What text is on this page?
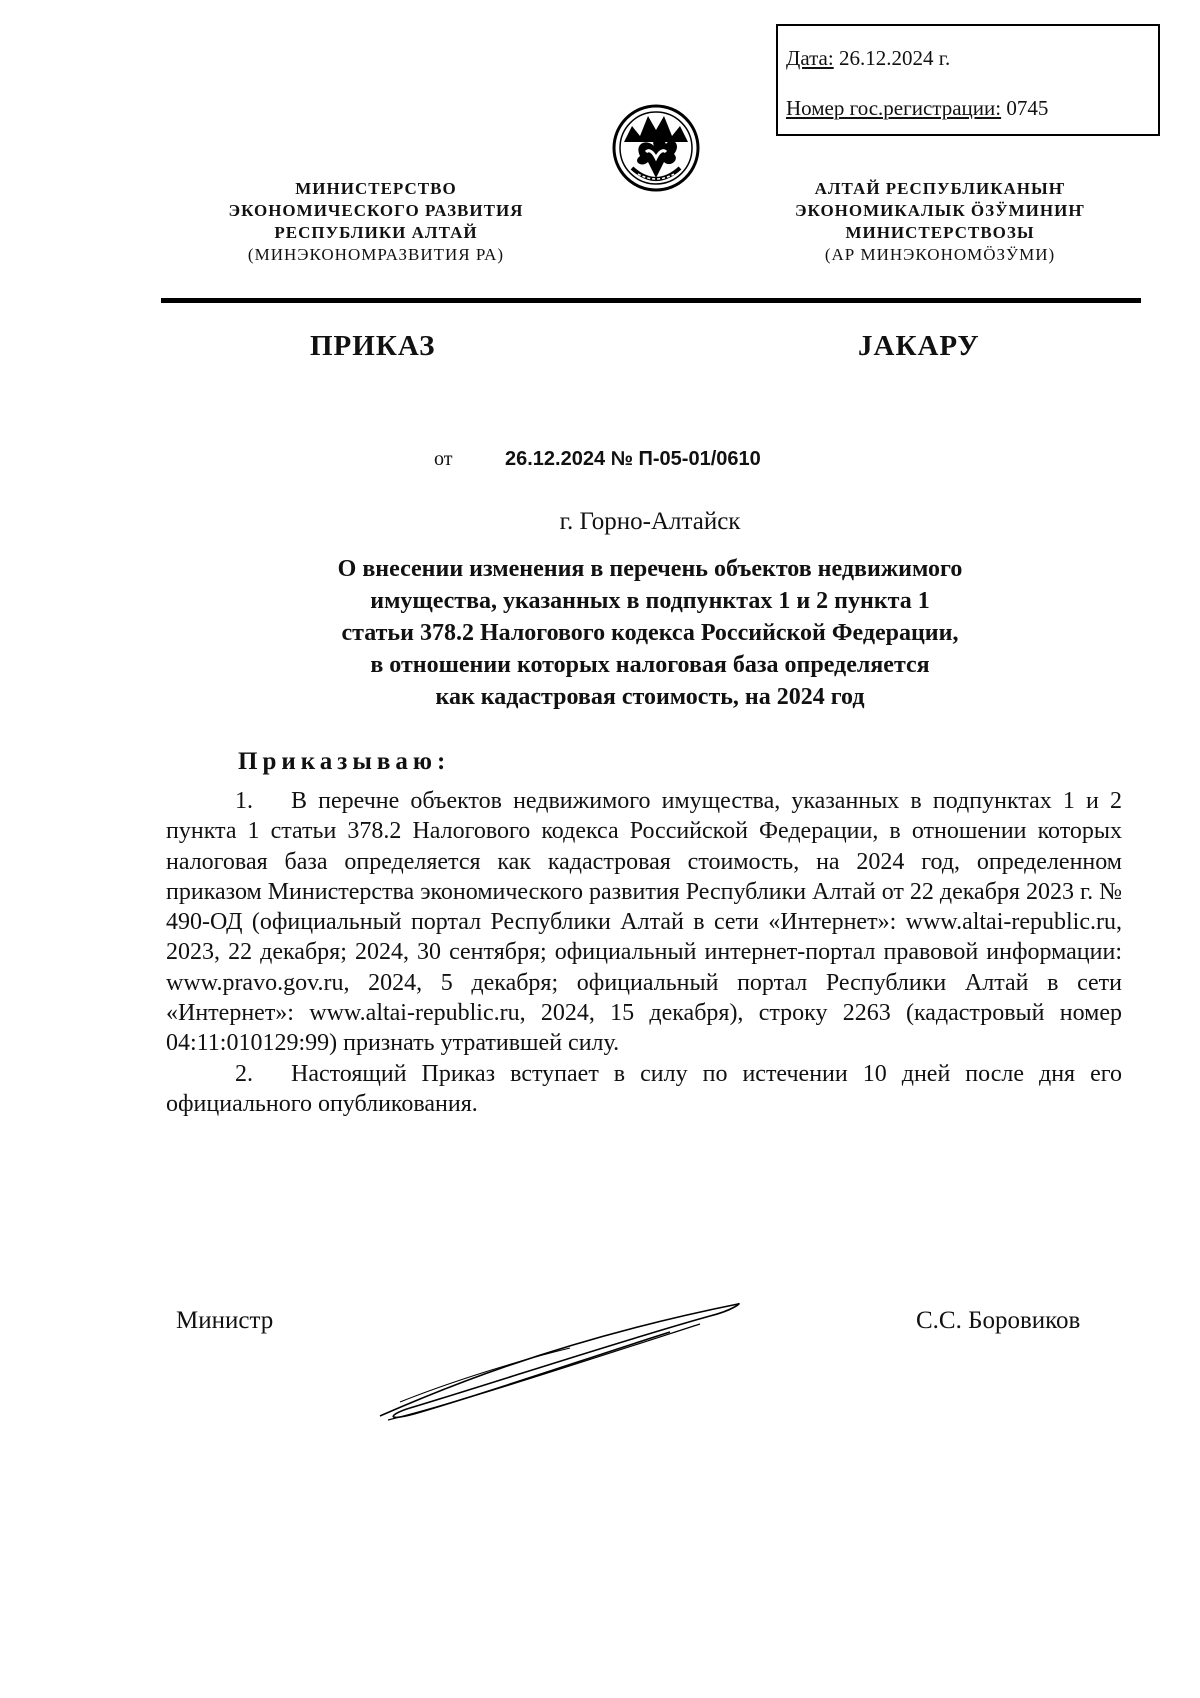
Дата: 26.12.2024 г.
Номер гос.регистрации: 0745
МИНИСТЕРСТВО
ЭКОНОМИЧЕСКОГО РАЗВИТИЯ
РЕСПУБЛИКИ АЛТАЙ
(МИНЭКОНОМРАЗВИТИЯ РА)
АЛТАЙ РЕСПУБЛИКАНЫҤ
ЭКОНОМИКАЛЫК ÖЗӰМИНИҤ
МИНИСТЕРСТВОЗЫ
(АР МИНЭКОНОМÖЗӰМИ)
ПРИКАЗ	ЈАКАРУ
от	26.12.2024 № П-05-01/0610
г. Горно-Алтайск
О внесении изменения в перечень объектов недвижимого
имущества, указанных в подпунктах 1 и 2 пункта 1
статьи 378.2 Налогового кодекса Российской Федерации,
в отношении которых налоговая база определяется
как кадастровая стоимость, на 2024 год
Приказываю:

1. В перечне объектов недвижимого имущества, указанных в подпунктах 1 и 2 пункта 1 статьи 378.2 Налогового кодекса Российской Федерации, в отношении которых налоговая база определяется как кадастровая стоимость, на 2024 год, определенном приказом Министерства экономического развития Республики Алтай от 22 декабря 2023 г. № 490-ОД (официальный портал Республики Алтай в сети «Интернет»: www.altai-republic.ru, 2023, 22 декабря; 2024, 30 сентября; официальный интернет-портал правовой информации: www.pravo.gov.ru, 2024, 5 декабря; официальный портал Республики Алтай в сети «Интернет»: www.altai-republic.ru, 2024, 15 декабря), строку 2263 (кадастровый номер 04:11:010129:99) признать утратившей силу.

2. Настоящий Приказ вступает в силу по истечении 10 дней после дня его официального опубликования.

Министр	С.С. Боровиков
